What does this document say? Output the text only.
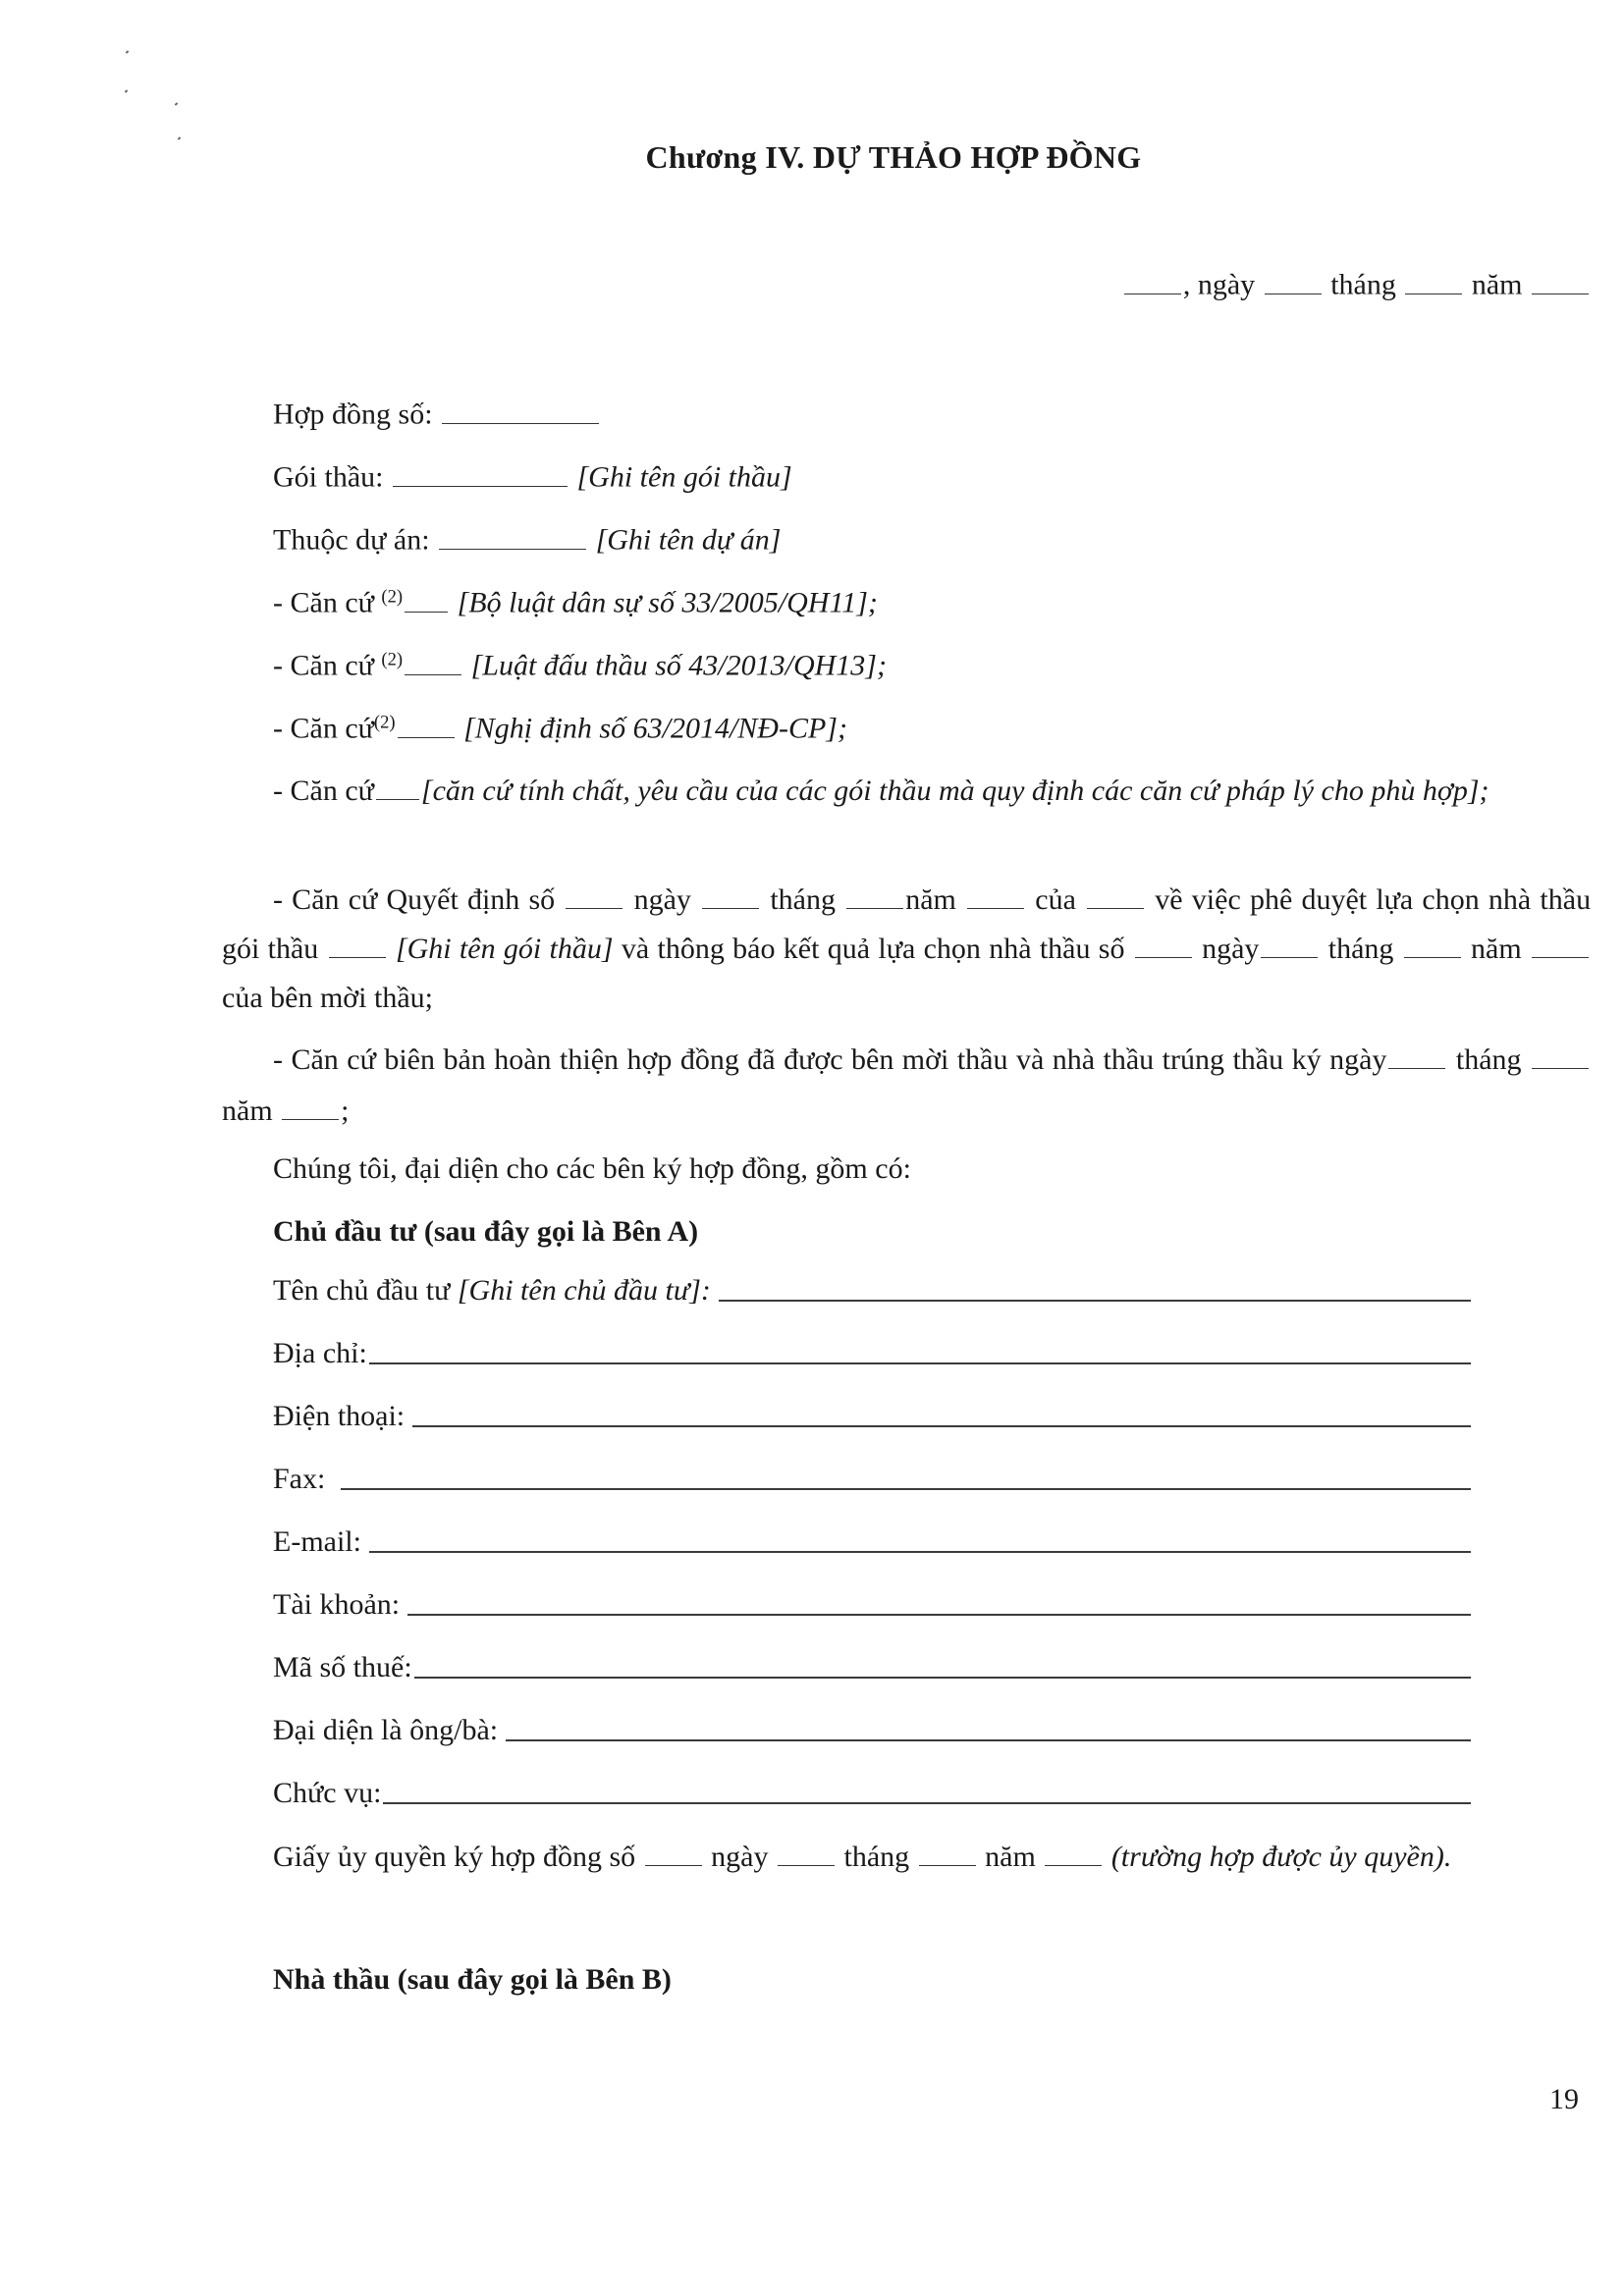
Chương IV. DỰ THẢO HỢP ĐỒNG
, ngày	tháng	năm
Hợp đồng số:
Gói thầu:	[Ghi tên gói thầu]
Thuộc dự án:	[Ghi tên dự án]
- Căn cứ $^{(2)}$ [Bộ luật dân sự số 33/2005/QH11];
- Căn cứ $^{(2)}$ [Luật đấu thầu số 43/2013/QH13];
- Căn cứ$^{(2)}$ [Nghị định số 63/2014/NĐ-CP];
- Căn cứ [căn cứ tính chất, yêu cầu của các gói thầu mà quy định các căn cứ pháp lý cho phù hợp];
- Căn cứ Quyết định số	ngày	tháng năm	của	về việc phê duyệt lựa chọn nhà thầu gói thầu	[Ghi tên gói thầu] và thông báo kết quả lựa chọn nhà thầu số	ngày tháng	năm  của bên mời thầu;
- Căn cứ biên bản hoàn thiện hợp đồng đã được bên mời thầu và nhà thầu trúng thầu ký ngày tháng  năm ;
Chúng tôi, đại diện cho các bên ký hợp đồng, gồm có:
Chủ đầu tư (sau đây gọi là Bên A)
Tên chủ đầu tư
[Ghi tên chủ đầu tư]:
Địa chỉ:
Điện thoại:
Fax:
E-mail:
Tài khoản:
Mã số thuế:
Đại diện là ông/bà:
Chức vụ:
Giấy ủy quyền ký hợp đồng số	ngày	tháng	năm	(trường hợp được ủy quyền).
Nhà thầu (sau đây gọi là Bên B)
19
